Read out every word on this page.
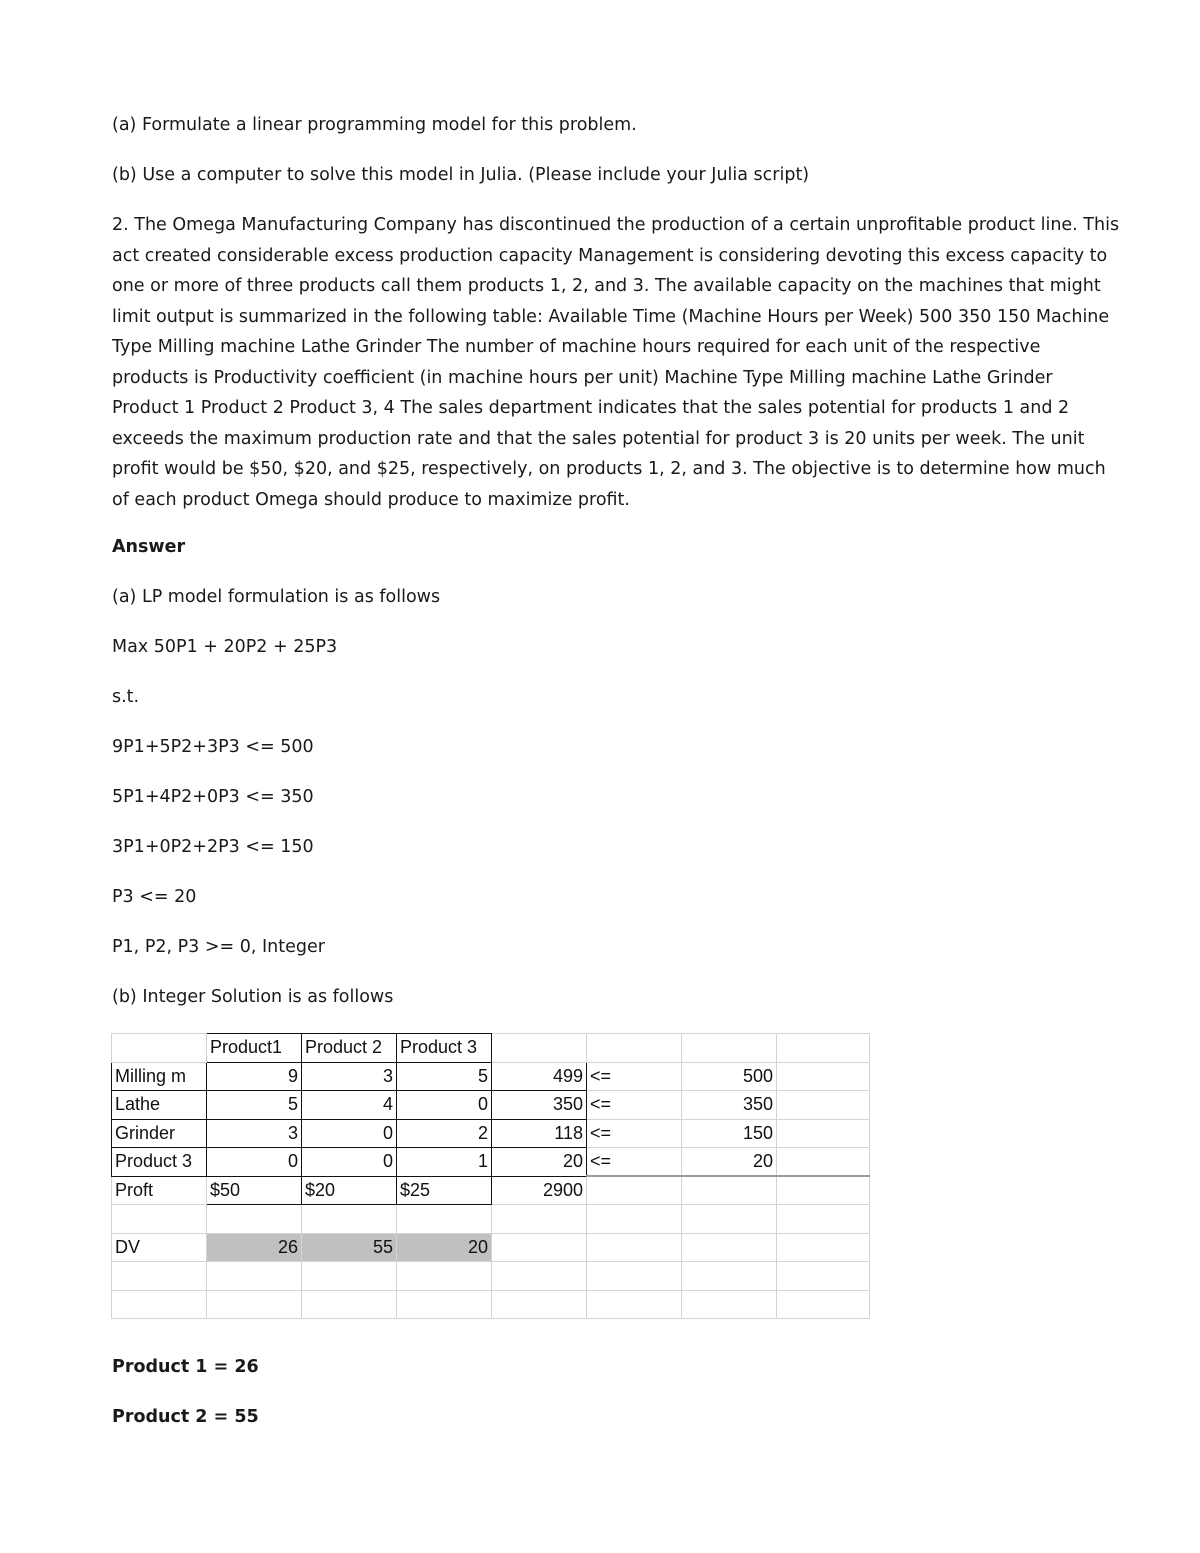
(a) Formulate a linear programming model for this problem.

(b) Use a computer to solve this model in Julia. (Please include your Julia script)

2. The Omega Manufacturing Company has discontinued the production of a certain unprofitable product line. This act created considerable excess production capacity Management is considering devoting this excess capacity to one or more of three products call them products 1, 2, and 3. The available capacity on the machines that might limit output is summarized in the following table: Available Time (Machine Hours per Week) 500 350 150 Machine Type Milling machine Lathe Grinder The number of machine hours required for each unit of the respective products is Productivity coefficient (in machine hours per unit) Machine Type Milling machine Lathe Grinder Product 1 Product 2 Product 3, 4 The sales department indicates that the sales potential for products 1 and 2 exceeds the maximum production rate and that the sales potential for product 3 is 20 units per week. The unit profit would be $50, $20, and $25, respectively, on products 1, 2, and 3. The objective is to determine how much of each product Omega should produce to maximize profit.

Answer

(a) LP model formulation is as follows

Max 50P1 + 20P2 + 25P3

s.t.

9P1+5P2+3P3 <= 500

5P1+4P2+0P3 <= 350

3P1+0P2+2P3 <= 150

P3 <= 20

P1, P2, P3 >= 0, Integer

(b) Integer Solution is as follows

Product 1 = 26

Product 2 = 55

	Product1	Product 2	Product 3				
Milling m	9	3	5	499	<=	500	
Lathe	5	4	0	350	<=	350	
Grinder	3	0	2	118	<=	150	
Product 3	0	0	1	20	<=	20	
Proft	$50	$20	$25	2900			

DV	26	55	20				
